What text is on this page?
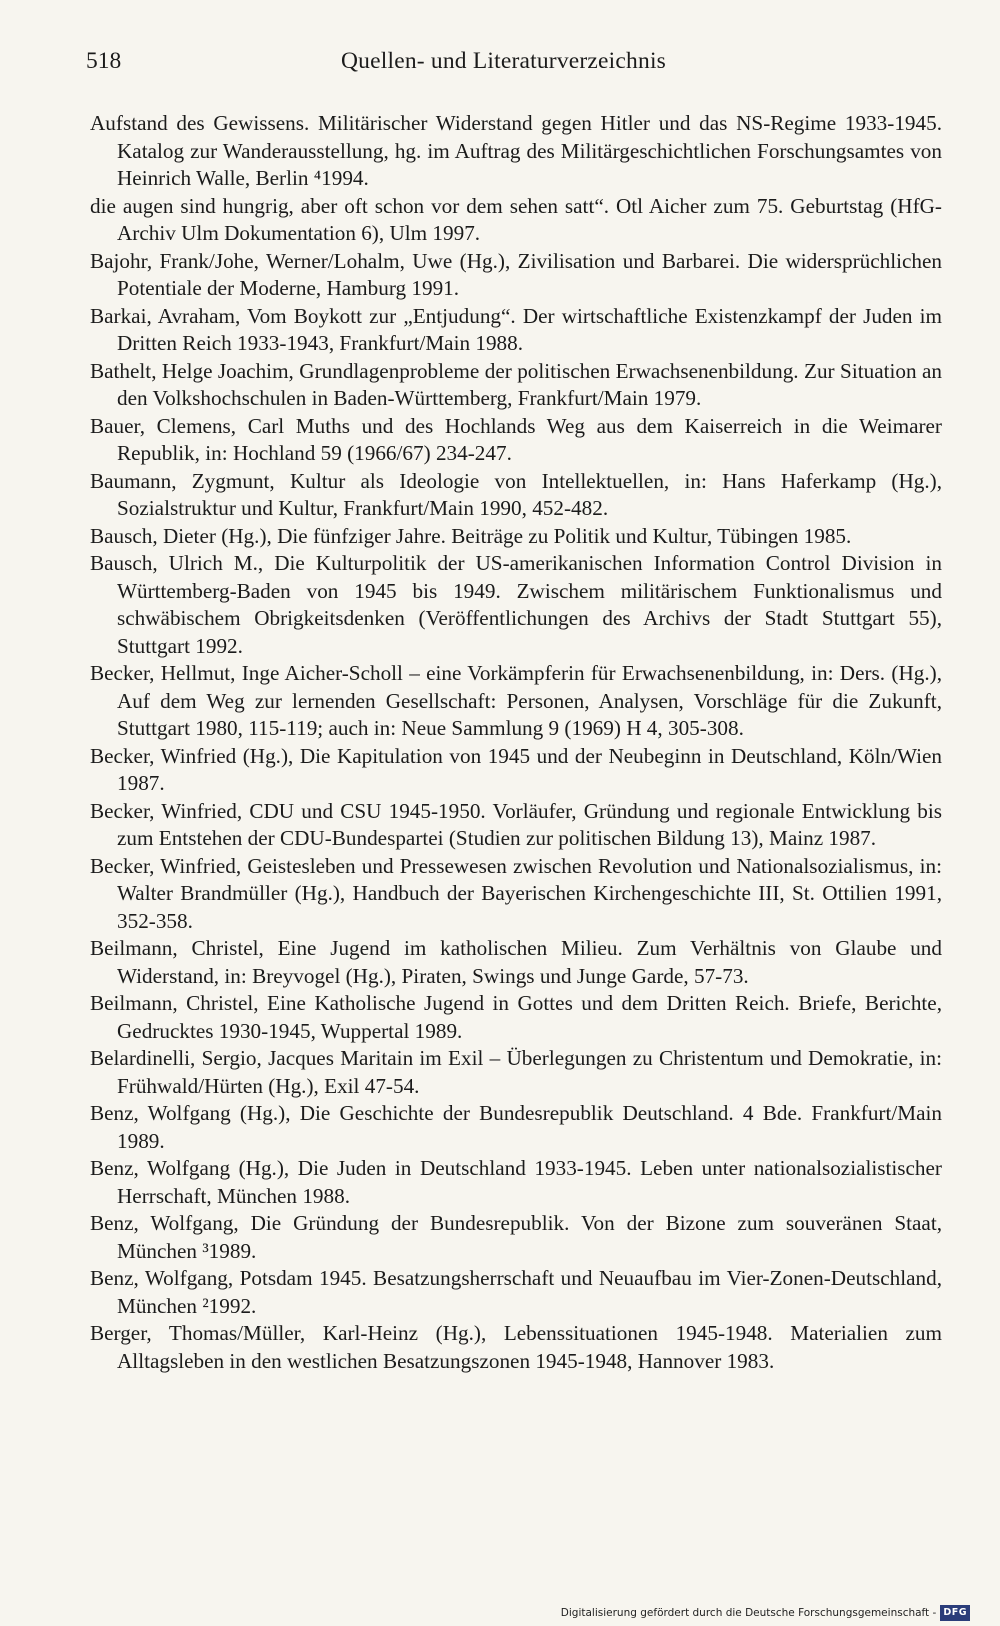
518	Quellen- und Literaturverzeichnis
Aufstand des Gewissens. Militärischer Widerstand gegen Hitler und das NS-Regime 1933-1945. Katalog zur Wanderausstellung, hg. im Auftrag des Militärgeschichtlichen Forschungsamtes von Heinrich Walle, Berlin ⁴1994.
die augen sind hungrig, aber oft schon vor dem sehen satt“. Otl Aicher zum 75. Geburtstag (HfG-Archiv Ulm Dokumentation 6), Ulm 1997.
Bajohr, Frank/Johe, Werner/Lohalm, Uwe (Hg.), Zivilisation und Barbarei. Die widersprüchlichen Potentiale der Moderne, Hamburg 1991.
Barkai, Avraham, Vom Boykott zur „Entjudung“. Der wirtschaftliche Existenzkampf der Juden im Dritten Reich 1933-1943, Frankfurt/Main 1988.
Bathelt, Helge Joachim, Grundlagenprobleme der politischen Erwachsenenbildung. Zur Situation an den Volkshochschulen in Baden-Württemberg, Frankfurt/Main 1979.
Bauer, Clemens, Carl Muths und des Hochlands Weg aus dem Kaiserreich in die Weimarer Republik, in: Hochland 59 (1966/67) 234-247.
Baumann, Zygmunt, Kultur als Ideologie von Intellektuellen, in: Hans Haferkamp (Hg.), Sozialstruktur und Kultur, Frankfurt/Main 1990, 452-482.
Bausch, Dieter (Hg.), Die fünfziger Jahre. Beiträge zu Politik und Kultur, Tübingen 1985.
Bausch, Ulrich M., Die Kulturpolitik der US-amerikanischen Information Control Division in Württemberg-Baden von 1945 bis 1949. Zwischem militärischem Funktionalismus und schwäbischem Obrigkeitsdenken (Veröffentlichungen des Archivs der Stadt Stuttgart 55), Stuttgart 1992.
Becker, Hellmut, Inge Aicher-Scholl – eine Vorkämpferin für Erwachsenenbildung, in: Ders. (Hg.), Auf dem Weg zur lernenden Gesellschaft: Personen, Analysen, Vorschläge für die Zukunft, Stuttgart 1980, 115-119; auch in: Neue Sammlung 9 (1969) H 4, 305-308.
Becker, Winfried (Hg.), Die Kapitulation von 1945 und der Neubeginn in Deutschland, Köln/Wien 1987.
Becker, Winfried, CDU und CSU 1945-1950. Vorläufer, Gründung und regionale Entwicklung bis zum Entstehen der CDU-Bundespartei (Studien zur politischen Bildung 13), Mainz 1987.
Becker, Winfried, Geistesleben und Pressewesen zwischen Revolution und Nationalsozialismus, in: Walter Brandmüller (Hg.), Handbuch der Bayerischen Kirchengeschichte III, St. Ottilien 1991, 352-358.
Beilmann, Christel, Eine Jugend im katholischen Milieu. Zum Verhältnis von Glaube und Widerstand, in: Breyvogel (Hg.), Piraten, Swings und Junge Garde, 57-73.
Beilmann, Christel, Eine Katholische Jugend in Gottes und dem Dritten Reich. Briefe, Berichte, Gedrucktes 1930-1945, Wuppertal 1989.
Belardinelli, Sergio, Jacques Maritain im Exil – Überlegungen zu Christentum und Demokratie, in: Frühwald/Hürten (Hg.), Exil 47-54.
Benz, Wolfgang (Hg.), Die Geschichte der Bundesrepublik Deutschland. 4 Bde. Frankfurt/Main 1989.
Benz, Wolfgang (Hg.), Die Juden in Deutschland 1933-1945. Leben unter nationalsozialistischer Herrschaft, München 1988.
Benz, Wolfgang, Die Gründung der Bundesrepublik. Von der Bizone zum souveränen Staat, München ³1989.
Benz, Wolfgang, Potsdam 1945. Besatzungsherrschaft und Neuaufbau im Vier-Zonen-Deutschland, München ²1992.
Berger, Thomas/Müller, Karl-Heinz (Hg.), Lebenssituationen 1945-1948. Materialien zum Alltagsleben in den westlichen Besatzungszonen 1945-1948, Hannover 1983.
Digitalisierung gefördert durch die Deutsche Forschungsgemeinschaft - DFG
